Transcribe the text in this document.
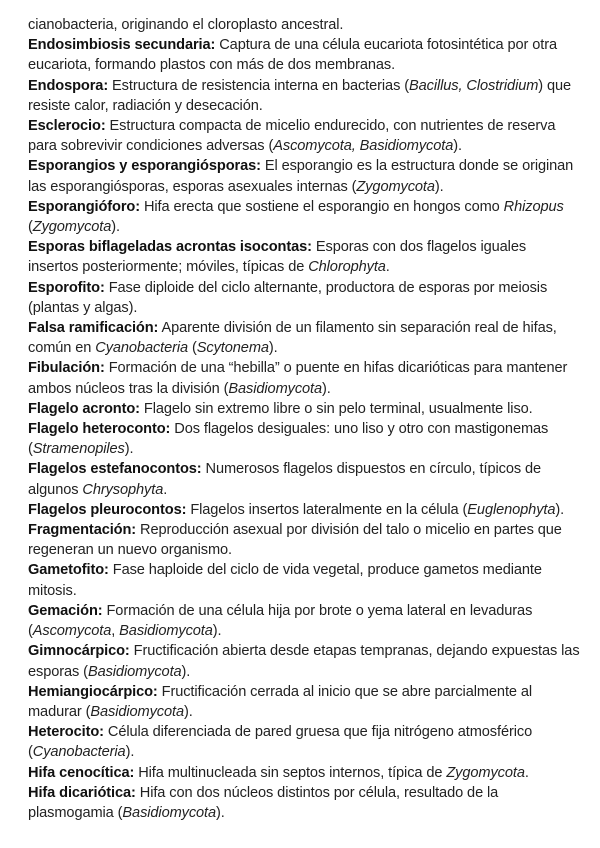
cianobacteria, originando el cloroplasto ancestral.

Endosimbiosis secundaria: Captura de una célula eucariota fotosintética por otra eucariota, formando plastos con más de dos membranas.

Endospora: Estructura de resistencia interna en bacterias (Bacillus, Clostridium) que resiste calor, radiación y desecación.

Esclerocio: Estructura compacta de micelio endurecido, con nutrientes de reserva para sobrevivir condiciones adversas (Ascomycota, Basidiomycota).

Esporangios y esporangiósporas: El esporangio es la estructura donde se originan las esporangiósporas, esporas asexuales internas (Zygomycota).

Esporangióforo: Hifa erecta que sostiene el esporangio en hongos como Rhizopus (Zygomycota).

Esporas biflageladas acrontas isocontas: Esporas con dos flagelos iguales insertos posteriormente; móviles, típicas de Chlorophyta.

Esporofito: Fase diploide del ciclo alternante, productora de esporas por meiosis (plantas y algas).

Falsa ramificación: Aparente división de un filamento sin separación real de hifas, común en Cyanobacteria (Scytonema).

Fibulación: Formación de una “hebilla” o puente en hifas dicarióticas para mantener ambos núcleos tras la división (Basidiomycota).

Flagelo acronto: Flagelo sin extremo libre o sin pelo terminal, usualmente liso.

Flagelo heteroconto: Dos flagelos desiguales: uno liso y otro con mastigonemas (Stramenopiles).

Flagelos estefanocontos: Numerosos flagelos dispuestos en círculo, típicos de algunos Chrysophyta.

Flagelos pleurocontos: Flagelos insertos lateralmente en la célula (Euglenophyta).

Fragmentación: Reproducción asexual por división del talo o micelio en partes que regeneran un nuevo organismo.

Gametofito: Fase haploide del ciclo de vida vegetal, produce gametos mediante mitosis.

Gemación: Formación de una célula hija por brote o yema lateral en levaduras (Ascomycota, Basidiomycota).

Gimnocárpico: Fructificación abierta desde etapas tempranas, dejando expuestas las esporas (Basidiomycota).

Hemiangiocárpico: Fructificación cerrada al inicio que se abre parcialmente al madurar (Basidiomycota).

Heterocito: Célula diferenciada de pared gruesa que fija nitrógeno atmosférico (Cyanobacteria).

Hifa cenocítica: Hifa multinucleada sin septos internos, típica de Zygomycota.

Hifa dicariótica: Hifa con dos núcleos distintos por célula, resultado de la plasmogamia (Basidiomycota).
